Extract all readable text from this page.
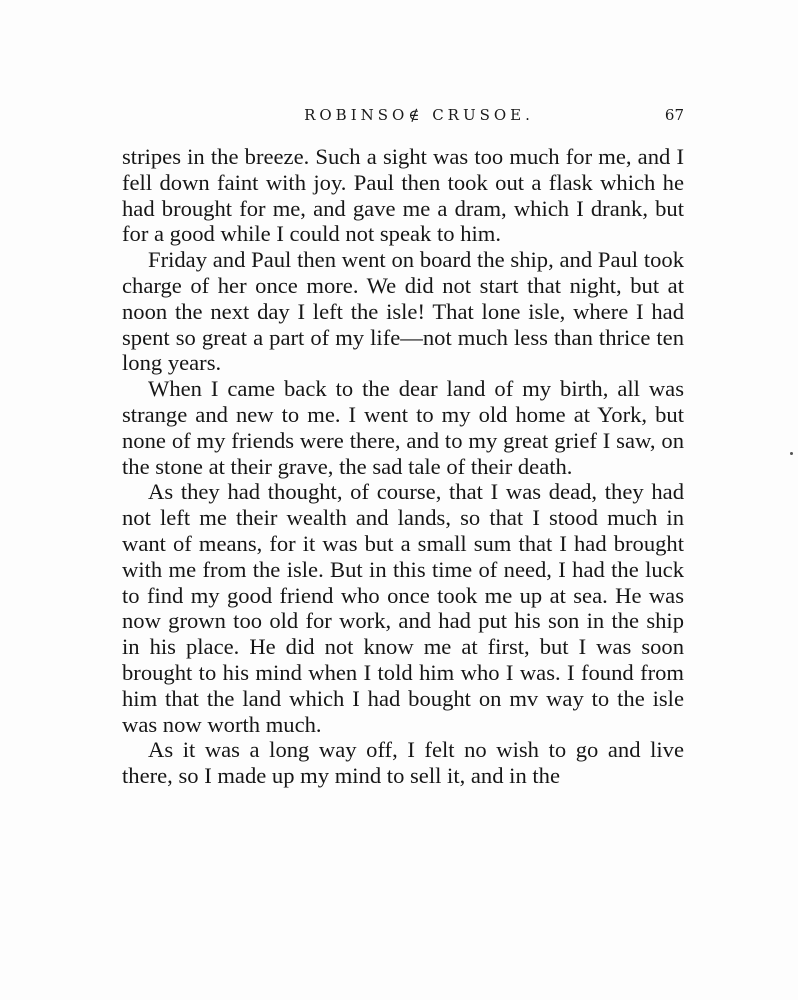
ROBINSO∉ CRUSOE.	67

stripes in the breeze. Such a sight was too much for me, and I fell down faint with joy. Paul then took out a flask which he had brought for me, and gave me a dram, which I drank, but for a good while I could not speak to him.

Friday and Paul then went on board the ship, and Paul took charge of her once more. We did not start that night, but at noon the next day I left the isle! That lone isle, where I had spent so great a part of my life—not much less than thrice ten long years.

When I came back to the dear land of my birth, all was strange and new to me. I went to my old home at York, but none of my friends were there, and to my great grief I saw, on the stone at their grave, the sad tale of their death.

As they had thought, of course, that I was dead, they had not left me their wealth and lands, so that I stood much in want of means, for it was but a small sum that I had brought with me from the isle. But in this time of need, I had the luck to find my good friend who once took me up at sea. He was now grown too old for work, and had put his son in the ship in his place. He did not know me at first, but I was soon brought to his mind when I told him who I was. I found from him that the land which I had bought on mv way to the isle was now worth much.

As it was a long way off, I felt no wish to go and live there, so I made up my mind to sell it, and in the
